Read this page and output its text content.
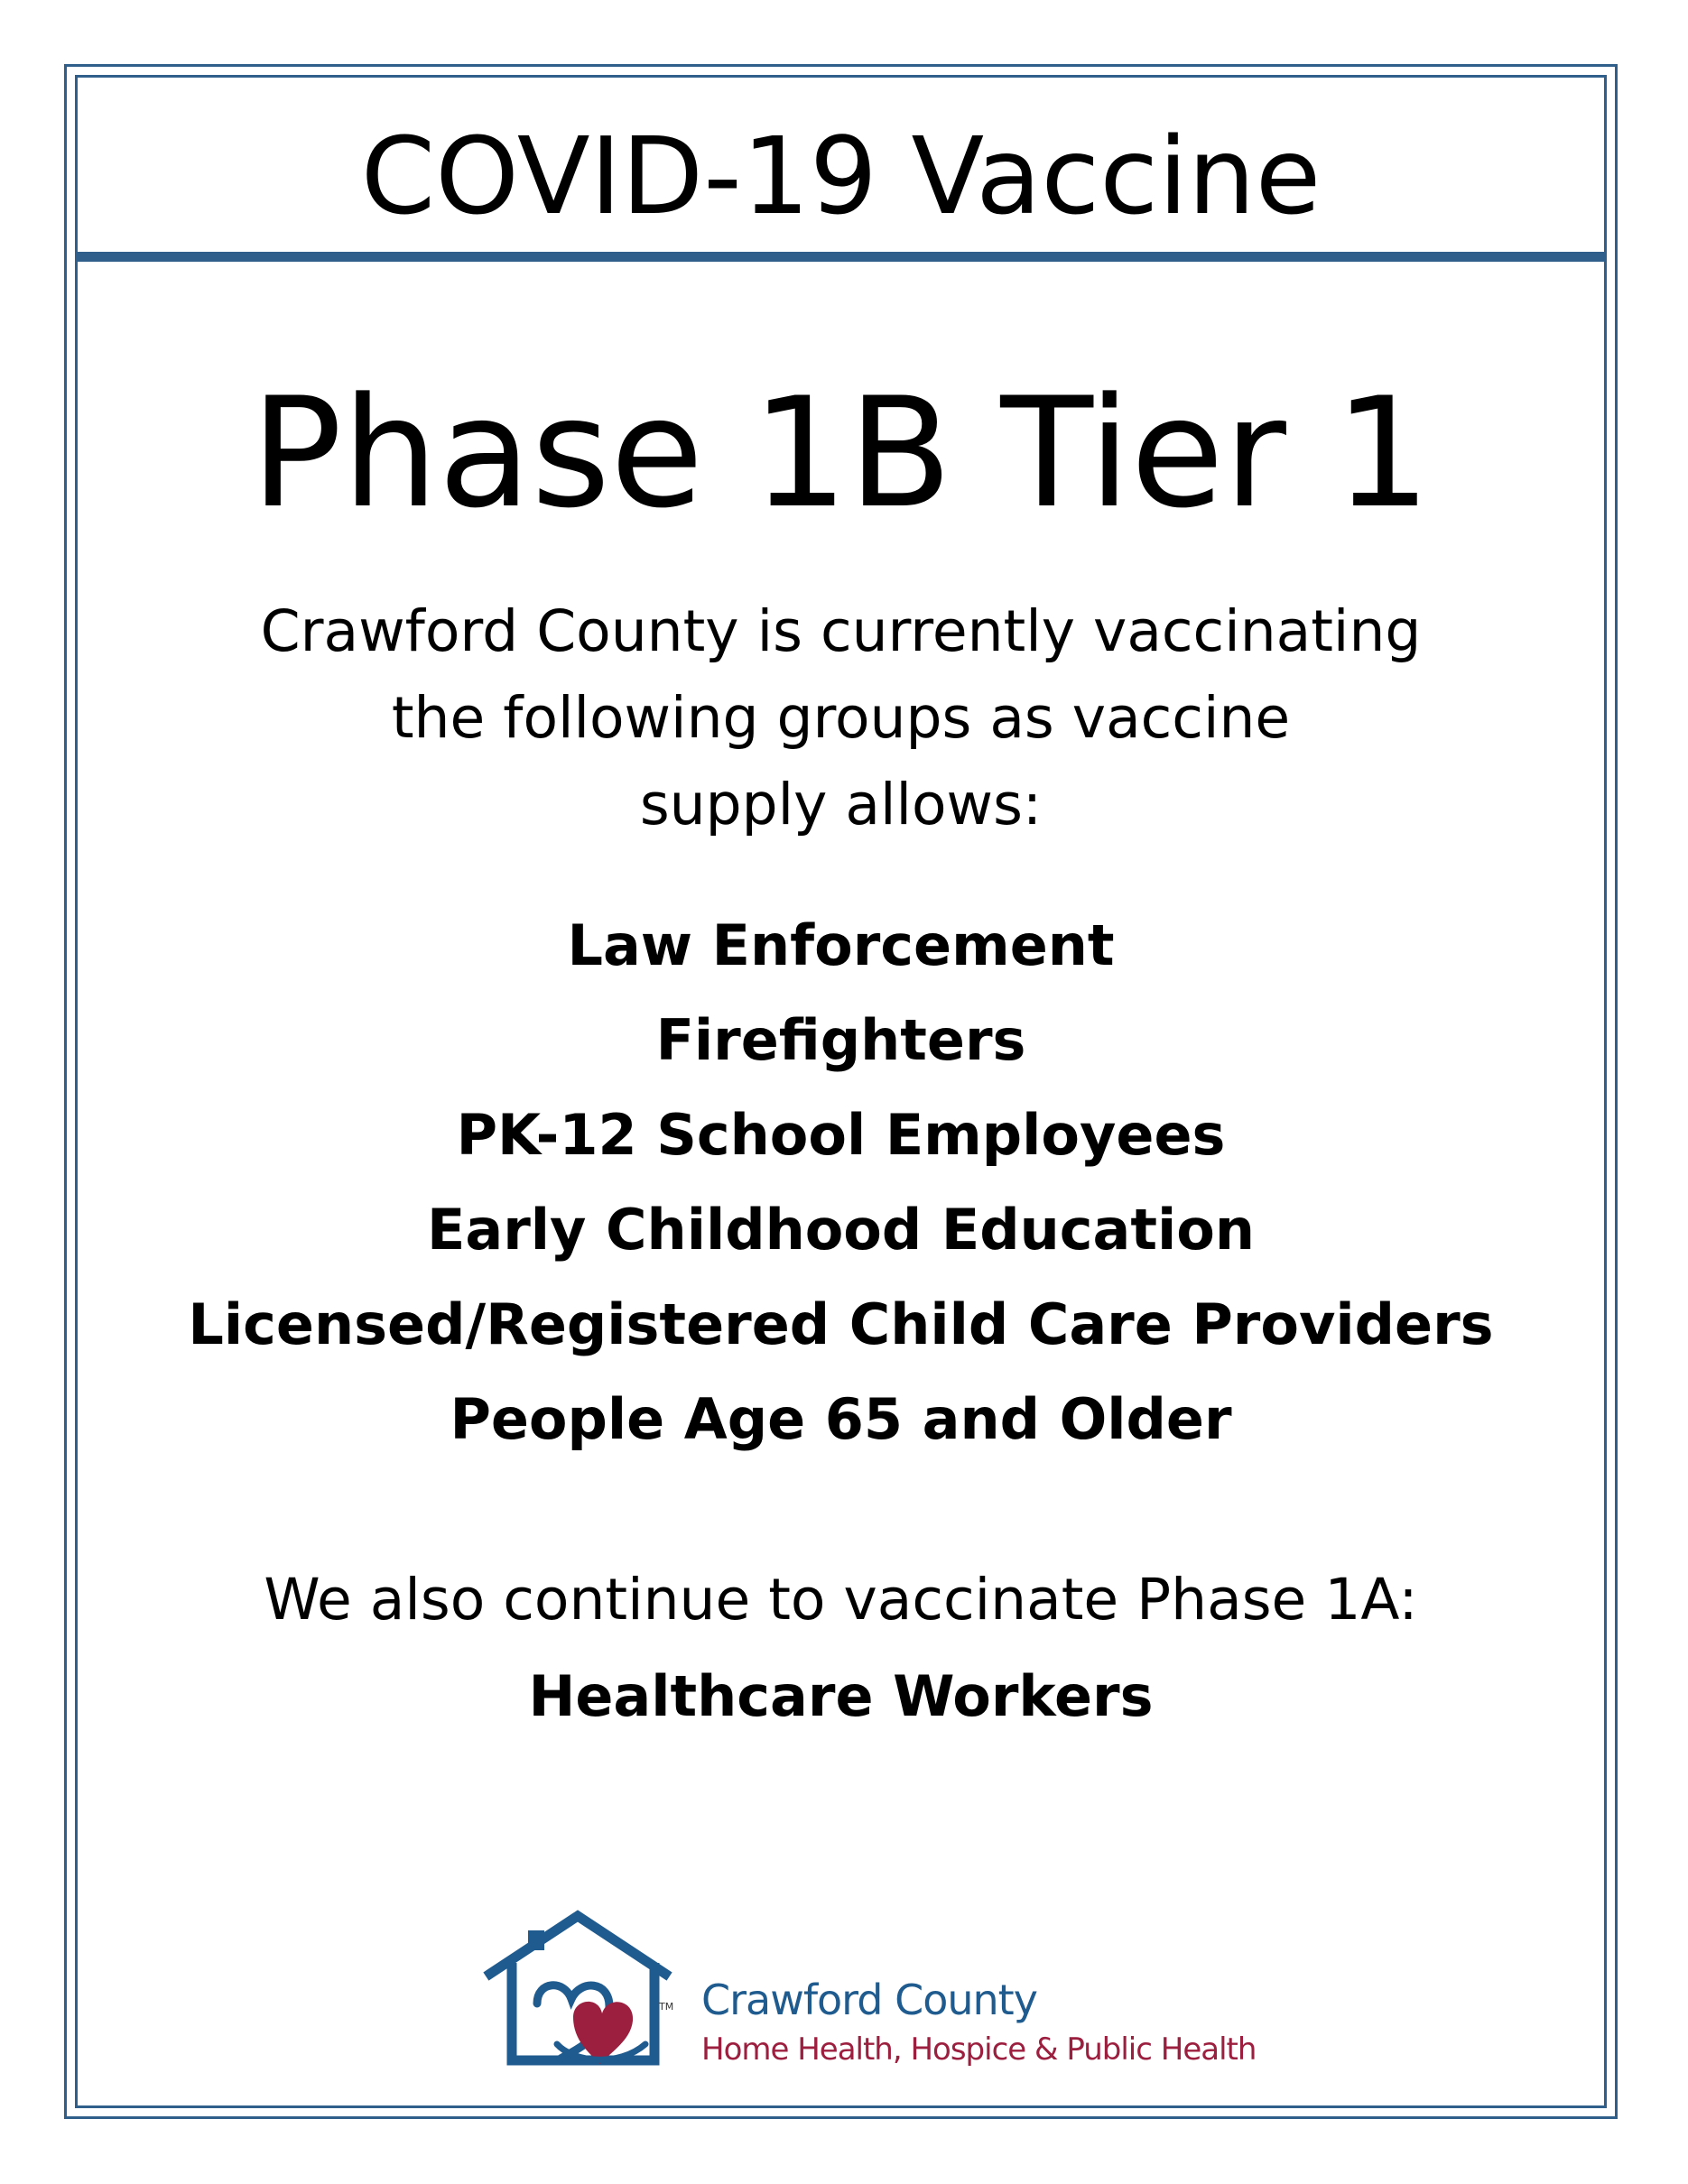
COVID-19 Vaccine
Phase 1B Tier 1

Crawford County is currently vaccinating
the following groups as vaccine
supply allows:

Law Enforcement
Firefighters
PK-12 School Employees
Early Childhood Education
Licensed/Registered Child Care Providers
People Age 65 and Older

We also continue to vaccinate Phase 1A:

Healthcare Workers

TM Crawford County
Home Health, Hospice & Public Health
